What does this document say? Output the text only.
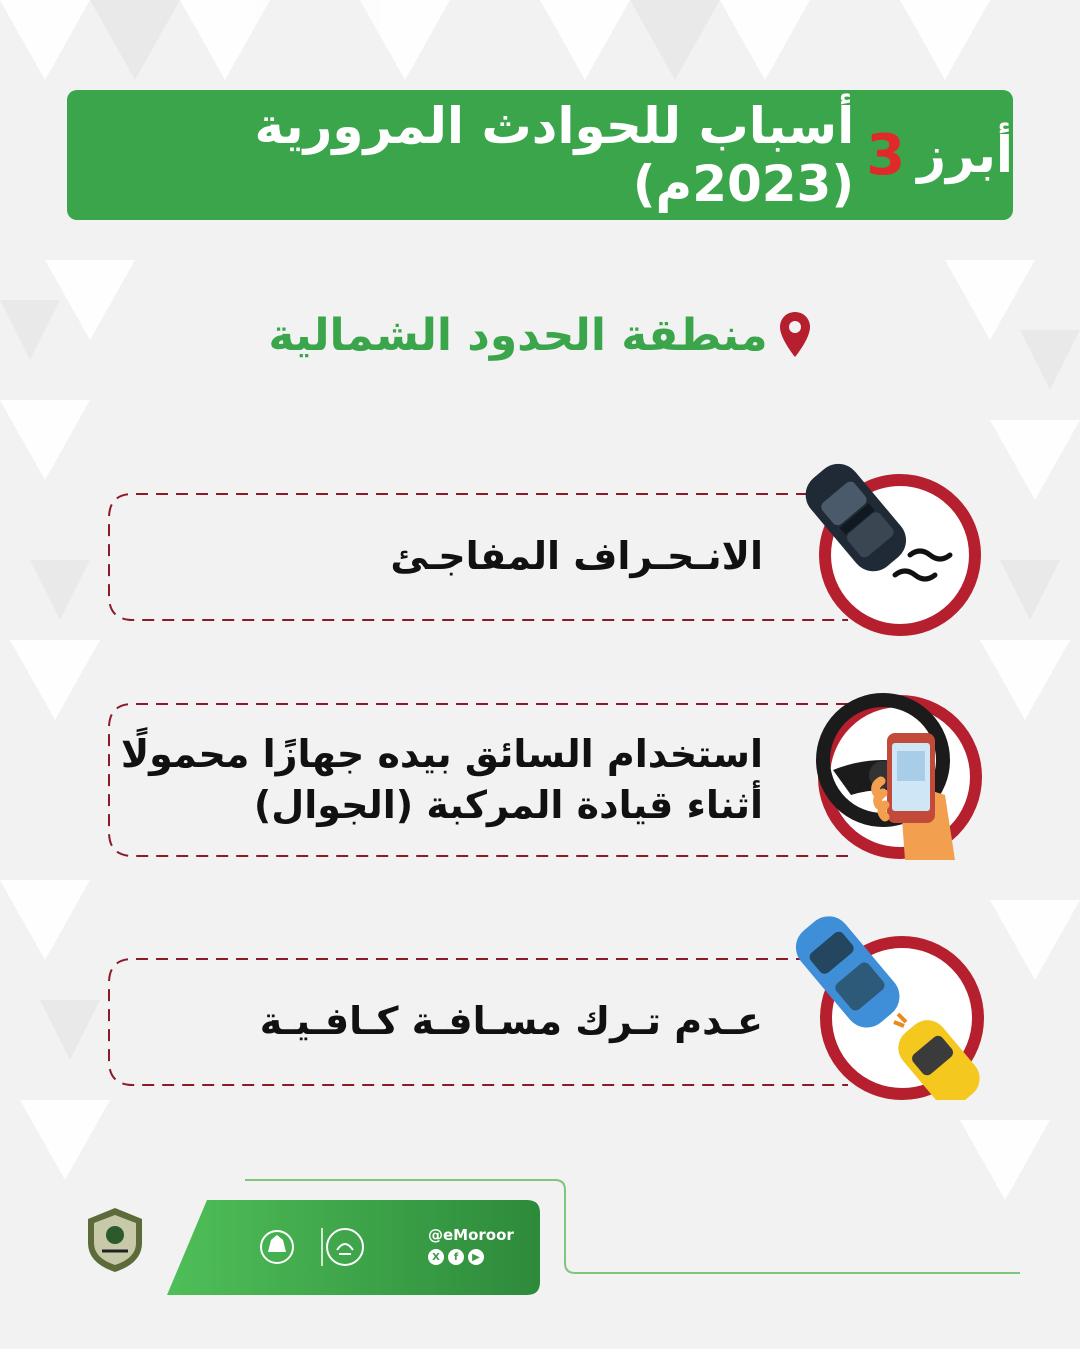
أبرز
3
أسباب للحوادث المرورية (2023م)
منطقة الحدود الشمالية
الانـحـراف المفاجـئ
استخدام السائق بيده جهازًا محمولًا
أثناء قيادة المركبة (الجوال)
عـدم تـرك مسـافـة كـافـيـة
@eMoroor
X	f	▶
